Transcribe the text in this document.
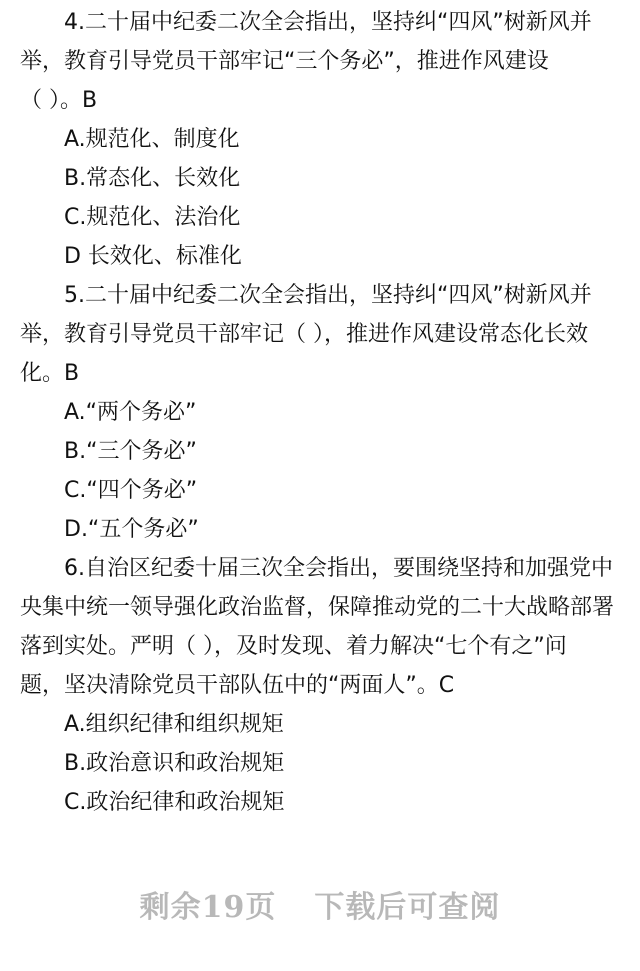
4.二十届中纪委二次全会指出，坚持纠“四风”树新风并
举，教育引导党员干部牢记“三个务必”，推进作风建设
（ ）。B
A.规范化、制度化
B.常态化、长效化
C.规范化、法治化
D 长效化、标准化
5.二十届中纪委二次全会指出，坚持纠“四风”树新风并
举，教育引导党员干部牢记（ ），推进作风建设常态化长效
化。B
A.“两个务必”
B.“三个务必”
C.“四个务必”
D.“五个务必”
6.自治区纪委十届三次全会指出，要围绕坚持和加强党中
央集中统一领导强化政治监督，保障推动党的二十大战略部署
落到实处。严明（ ），及时发现、着力解决“七个有之”问
题，坚决清除党员干部队伍中的“两面人”。C
A.组织纪律和组织规矩
B.政治意识和政治规矩
C.政治纪律和政治规矩
剩余19页 下载后可查阅
